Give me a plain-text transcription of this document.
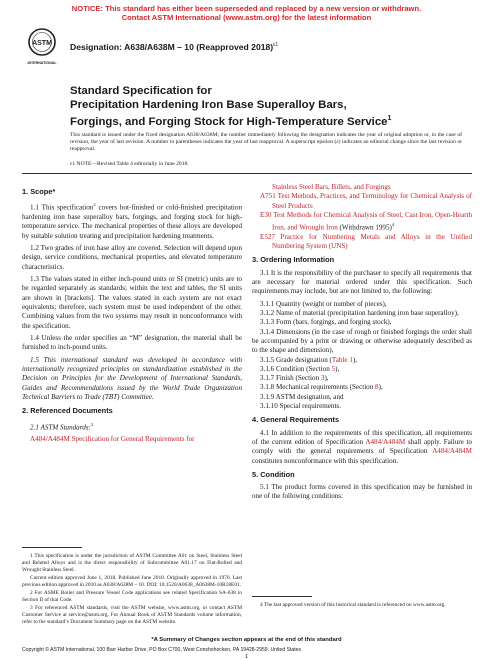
NOTICE: This standard has either been superseded and replaced by a new version or withdrawn.
Contact ASTM International (www.astm.org) for the latest information
ASTM
INTERNATIONAL
Designation: A638/A638M – 10 (Reapproved 2018)$^{\varepsilon 1}$
Standard Specification for
Precipitation Hardening Iron Base Superalloy Bars,
Forgings, and Forging Stock for High-Temperature Service$^1$
This standard is issued under the fixed designation A638/A638M; the number immediately following the designation indicates the year of original adoption or, in the case of revision, the year of last revision. A number in parentheses indicates the year of last reapproval. A superscript epsilon (ε) indicates an editorial change since the last revision or reapproval.
ε1 NOTE—Revised Table 4 editorially in June 2018.
1. Scope*

1.1 This specification$^2$ covers hot-finished or cold-finished precipitation hardening iron base superalloy bars, forgings, and forging stock for high-temperature service. The mechanical properties of these alloys are developed by suitable solution treating and precipitation hardening treatments.

1.2 Two grades of iron base alloy are covered. Selection will depend upon design, service conditions, mechanical properties, and elevated temperature characteristics.

1.3 The values stated in either inch-pound units or SI (metric) units are to be regarded separately as standards; within the text and tables, the SI units are shown in [brackets]. The values stated in each system are not exact equivalents; therefore, each system must be used independent of the other. Combining values from the two systems may result in nonconformance with the specification.

1.4 Unless the order specifies an “M” designation, the material shall be furnished to inch-pound units.

1.5 This international standard was developed in accordance with internationally recognized principles on standardization established in the Decision on Principles for the Development of International Standards, Guides and Recommendations issued by the World Trade Organization Technical Barriers to Trade (TBT) Committee.

2. Referenced Documents

2.1 ASTM Standards:$^3$

A484/A484M Specification for General Requirements for
Stainless Steel Bars, Billets, and Forgings
A751 Test Methods, Practices, and Terminology for Chemical Analysis of Steel Products
E30 Test Methods for Chemical Analysis of Steel, Cast Iron, Open-Hearth Iron, and Wrought Iron (Withdrawn 1995)$^4$
E527 Practice for Numbering Metals and Alloys in the Unified Numbering System (UNS)
3. Ordering Information

3.1 It is the responsibility of the purchaser to specify all requirements that are necessary for material ordered under this specification. Such requirements may include, but are not limited to, the following:

3.1.1 Quantity (weight or number of pieces),

3.1.2 Name of material (precipitation hardening iron base superalloy),

3.1.3 Form (bars, forgings, and forging stock),

3.1.4 Dimensions (in the case of rough or finished forgings the order shall be accompanied by a print or drawing or otherwise adequately described as to the shape and dimension),

3.1.5 Grade designation (Table 1),

3.1.6 Condition (Section 5),

3.1.7 Finish (Section 3),

3.1.8 Mechanical requirements (Section 8),

3.1.9 ASTM designation, and

3.1.10 Special requirements.

4. General Requirements

4.1 In addition to the requirements of this specification, all requirements of the current edition of Specification A484/A484M shall apply. Failure to comply with the general requirements of Specification A484/A484M constitutes nonconformance with this specification.

5. Condition

5.1 The product forms covered in this specification may be furnished in one of the following conditions:

1 This specification is under the jurisdiction of ASTM Committee A01 on Steel, Stainless Steel and Related Alloys and is the direct responsibility of Subcommittee A01.17 on Flat-Rolled and Wrought Stainless Steel.

Current edition approved June 1, 2018. Published June 2018. Originally approved in 1970. Last previous edition approved in 2010 as A638/A638M – 10. DOI: 10.1520/A0638_A0638M-10R18E01.

2 For ASME Boiler and Pressure Vessel Code applications see related Specification SA-638 in Section II of that Code.

3 For referenced ASTM standards, visit the ASTM website, www.astm.org, or contact ASTM Customer Service at service@astm.org. For Annual Book of ASTM Standards volume information, refer to the standard’s Document Summary page on the ASTM website.

4 The last approved version of this historical standard is referenced on www.astm.org.

*A Summary of Changes section appears at the end of this standard
Copyright © ASTM International, 100 Barr Harbor Drive, PO Box C700, West Conshohocken, PA 19428-2959. United States
1
